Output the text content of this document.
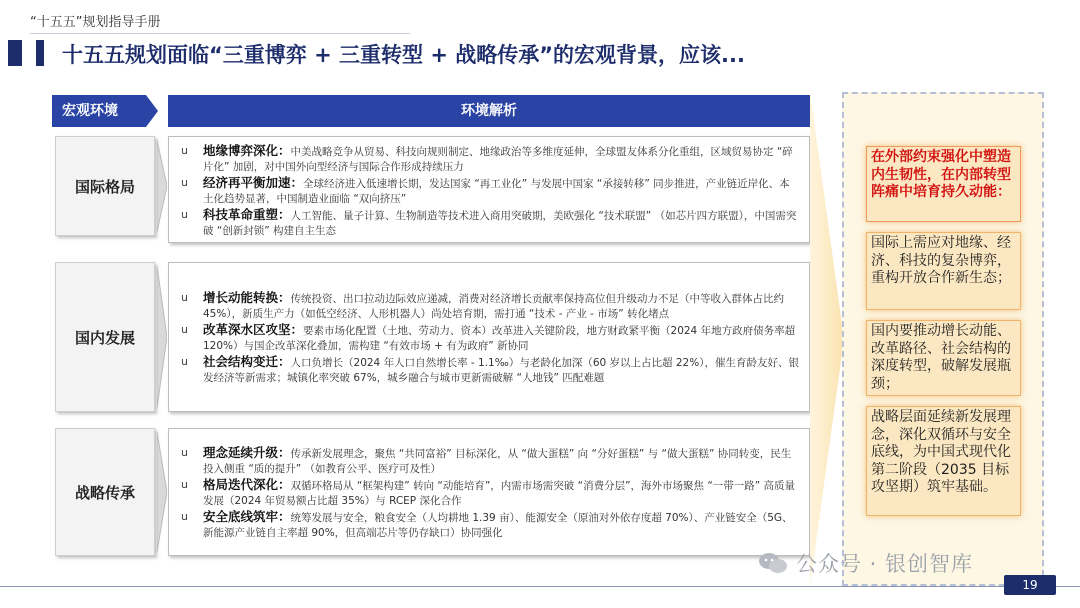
“十五五”规划指导手册
十五五规划面临“三重博弈 + 三重转型 + 战略传承”的宏观背景，应该...
宏观环境	环境解析
国际格局
u	地缘博弈深化：中美战略竞争从贸易、科技向规则制定、地缘政治等多维度延伸，全球盟友体系分化重组，区域贸易协定 “碎片化” 加剧，对中国外向型经济与国际合作形成持续压力
u	经济再平衡加速：全球经济进入低速增长期，发达国家 “再工业化” 与发展中国家 “承接转移” 同步推进，产业链近岸化、本土化趋势显著，中国制造业面临 “双向挤压”
u	科技革命重塑：人工智能、量子计算、生物制造等技术进入商用突破期，美欧强化 “技术联盟” （如芯片四方联盟），中国需突破 “创新封锁” 构建自主生态
国内发展
u	增长动能转换：传统投资、出口拉动边际效应递减，消费对经济增长贡献率保持高位但升级动力不足（中等收入群体占比约 45%），新质生产力（如低空经济、人形机器人）尚处培育期，需打通 “技术 - 产业 - 市场” 转化堵点
u	改革深水区攻坚：要素市场化配置（土地、劳动力、资本）改革进入关键阶段，地方财政紧平衡（2024 年地方政府债务率超 120%）与国企改革深化叠加，需构建 “有效市场 + 有为政府” 新协同
u	社会结构变迁：人口负增长（2024 年人口自然增长率 - 1.1‰）与老龄化加深（60 岁以上占比超 22%），催生育龄友好、银发经济等新需求；城镇化率突破 67%，城乡融合与城市更新需破解 “人地钱” 匹配难题
战略传承
u	理念延续升级：传承新发展理念，聚焦 “共同富裕” 目标深化，从 “做大蛋糕” 向 “分好蛋糕” 与 “做大蛋糕” 协同转变，民生投入侧重 “质的提升” （如教育公平、医疗可及性）
u	格局迭代深化：双循环格局从 “框架构建” 转向 “动能培育”，内需市场需突破 “消费分层”，海外市场聚焦 “一带一路” 高质量发展（2024 年贸易额占比超 35%）与 RCEP 深化合作
u	安全底线筑牢：统筹发展与安全，粮食安全（人均耕地 1.39 亩）、能源安全（原油对外依存度超 70%）、产业链安全（5G、新能源产业链自主率超 90%，但高端芯片等仍存缺口）协同强化
在外部约束强化中塑造内生韧性，在内部转型阵痛中培育持久动能：
国际上需应对地缘、经济、科技的复杂博弈，重构开放合作新生态；
国内要推动增长动能、改革路径、社会结构的深度转型，破解发展瓶颈；
战略层面延续新发展理念，深化双循环与安全底线，为中国式现代化第二阶段（2035 目标攻坚期）筑牢基础。
公众号 · 银创智库
19
